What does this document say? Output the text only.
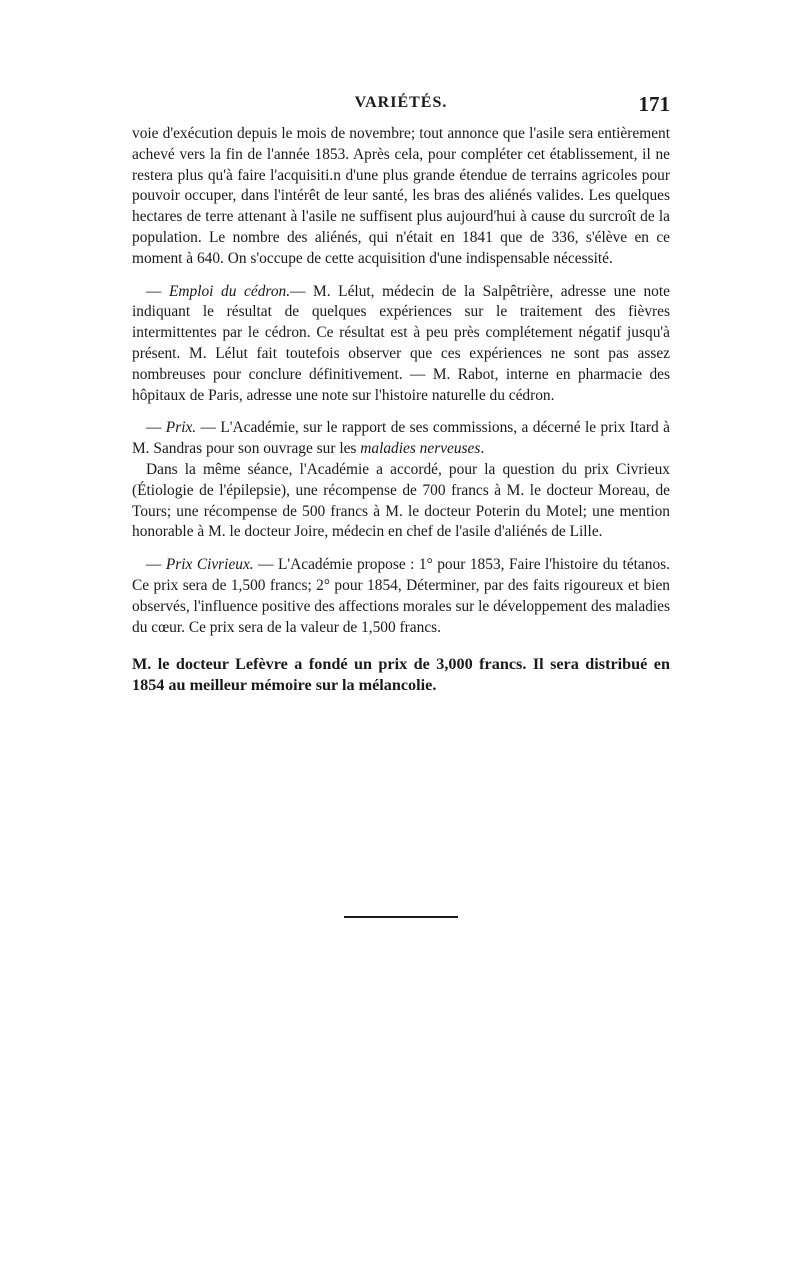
VARIÉTÉS.	171

voie d'exécution depuis le mois de novembre; tout annonce que l'asile sera entièrement achevé vers la fin de l'année 1853. Après cela, pour compléter cet établissement, il ne restera plus qu'à faire l'acquisiti.n d'une plus grande étendue de terrains agricoles pour pouvoir occuper, dans l'intérêt de leur santé, les bras des aliénés valides. Les quelques hectares de terre attenant à l'asile ne suffisent plus aujourd'hui à cause du surcroît de la population. Le nombre des aliénés, qui n'était en 1841 que de 336, s'élève en ce moment à 640. On s'occupe de cette acquisition d'une indispensable nécessité.

— Emploi du cédron.— M. Lélut, médecin de la Salpêtrière, adresse une note indiquant le résultat de quelques expériences sur le traitement des fièvres intermittentes par le cédron. Ce résultat est à peu près complétement négatif jusqu'à présent. M. Lélut fait toutefois observer que ces expériences ne sont pas assez nombreuses pour conclure définitivement. — M. Rabot, interne en pharmacie des hôpitaux de Paris, adresse une note sur l'histoire naturelle du cédron.

— Prix. — L'Académie, sur le rapport de ses commissions, a décerné le prix Itard à M. Sandras pour son ouvrage sur les maladies nerveuses.

Dans la même séance, l'Académie a accordé, pour la question du prix Civrieux (Étiologie de l'épilepsie), une récompense de 700 francs à M. le docteur Moreau, de Tours; une récompense de 500 francs à M. le docteur Poterin du Motel; une mention honorable à M. le docteur Joire, médecin en chef de l'asile d'aliénés de Lille.

— Prix Civrieux. — L'Académie propose : 1° pour 1853, Faire l'histoire du tétanos. Ce prix sera de 1,500 francs; 2° pour 1854, Déterminer, par des faits rigoureux et bien observés, l'influence positive des affections morales sur le développement des maladies du cœur. Ce prix sera de la valeur de 1,500 francs.

M. le docteur Lefèvre a fondé un prix de 3,000 francs. Il sera distribué en 1854 au meilleur mémoire sur la mélancolie.
